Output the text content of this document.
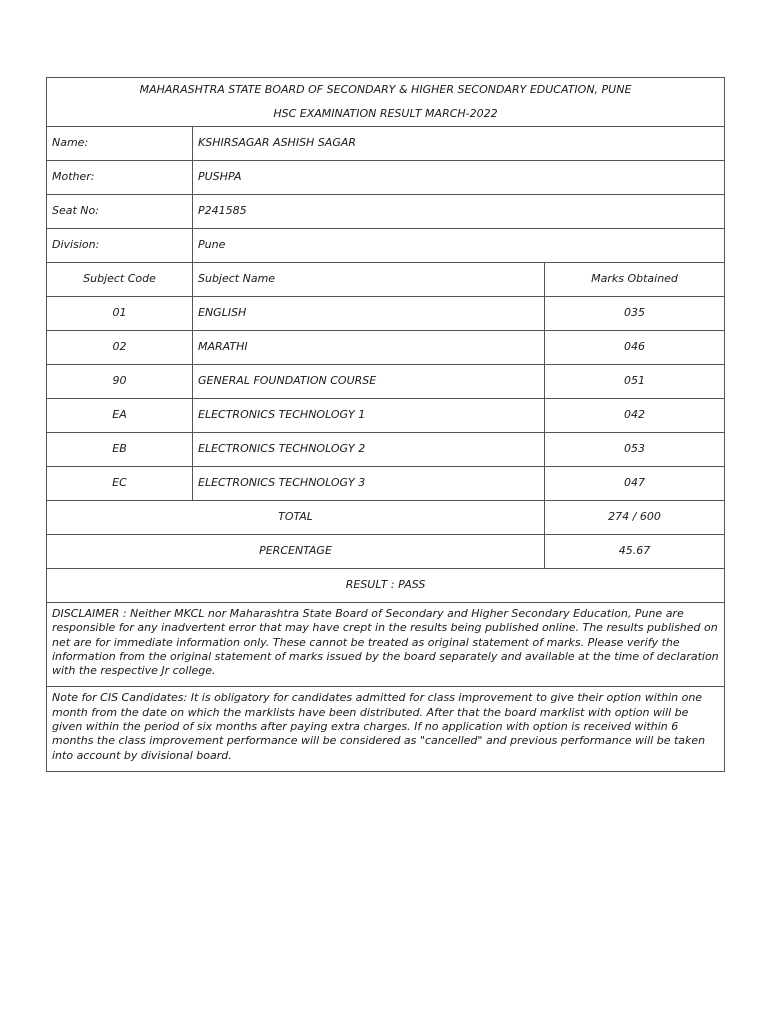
MAHARASHTRA STATE BOARD OF SECONDARY & HIGHER SECONDARY EDUCATION, PUNE
HSC EXAMINATION RESULT MARCH-2022		

Name:	KSHIRSAGAR ASHISH SAGAR	
Mother:	PUSHPA	
Seat No:	P241585	
Division:	Pune	
Subject Code	Subject Name	Marks Obtained
01	ENGLISH	035
02	MARATHI	046
90	GENERAL FOUNDATION COURSE	051
EA	ELECTRONICS TECHNOLOGY 1	042
EB	ELECTRONICS TECHNOLOGY 2	053
EC	ELECTRONICS TECHNOLOGY 3	047
TOTAL		274 / 600
PERCENTAGE		45.67
RESULT : PASS		
DISCLAIMER : Neither MKCL nor Maharashtra State Board of Secondary and Higher Secondary Education, Pune are responsible for any inadvertent error that may have crept in the results being published online. The results published on net are for immediate information only. These cannot be treated as original statement of marks. Please verify the information from the original statement of marks issued by the board separately and available at the time of declaration with the respective Jr college.		
Note for CIS Candidates: It is obligatory for candidates admitted for class improvement to give their option within one month from the date on which the marklists have been distributed. After that the board marklist with option will be given within the period of six months after paying extra charges. If no application with option is received within 6 months the class improvement performance will be considered as "cancelled" and previous performance will be taken into account by divisional board.		
